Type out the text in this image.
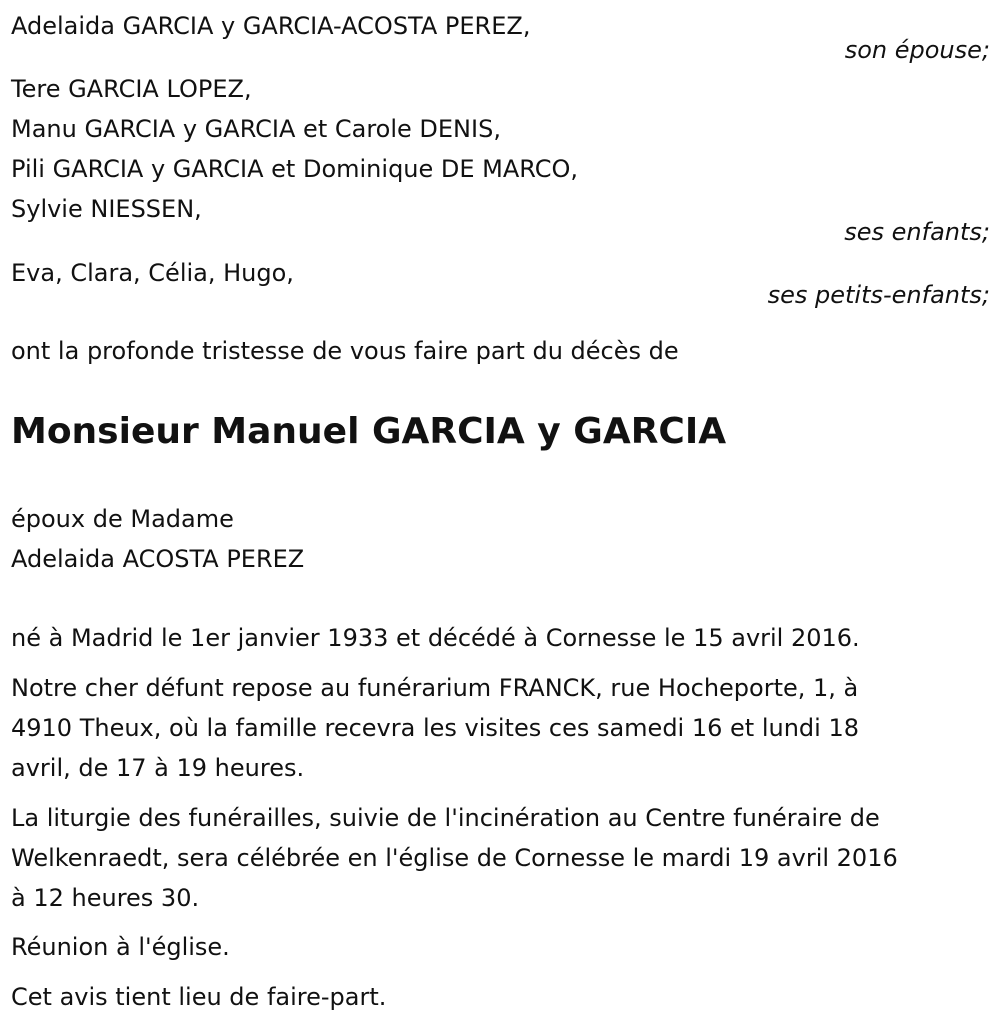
Adelaida GARCIA y GARCIA-ACOSTA PEREZ,
son épouse;
Tere GARCIA LOPEZ,
Manu GARCIA y GARCIA et Carole DENIS,
Pili GARCIA y GARCIA et Dominique DE MARCO,
Sylvie NIESSEN,
ses enfants;
Eva, Clara, Célia, Hugo,
ses petits-enfants;
ont la profonde tristesse de vous faire part du décès de
Monsieur Manuel GARCIA y GARCIA
époux de Madame
Adelaida ACOSTA PEREZ
né à Madrid le 1er janvier 1933 et décédé à Cornesse le 15 avril 2016.
Notre cher défunt repose au funérarium FRANCK, rue Hocheporte, 1, à
4910 Theux, où la famille recevra les visites ces samedi 16 et lundi 18
avril, de 17 à 19 heures.
La liturgie des funérailles, suivie de l'incinération au Centre funéraire de
Welkenraedt, sera célébrée en l'église de Cornesse le mardi 19 avril 2016
à 12 heures 30.
Réunion à l'église.
Cet avis tient lieu de faire-part.
